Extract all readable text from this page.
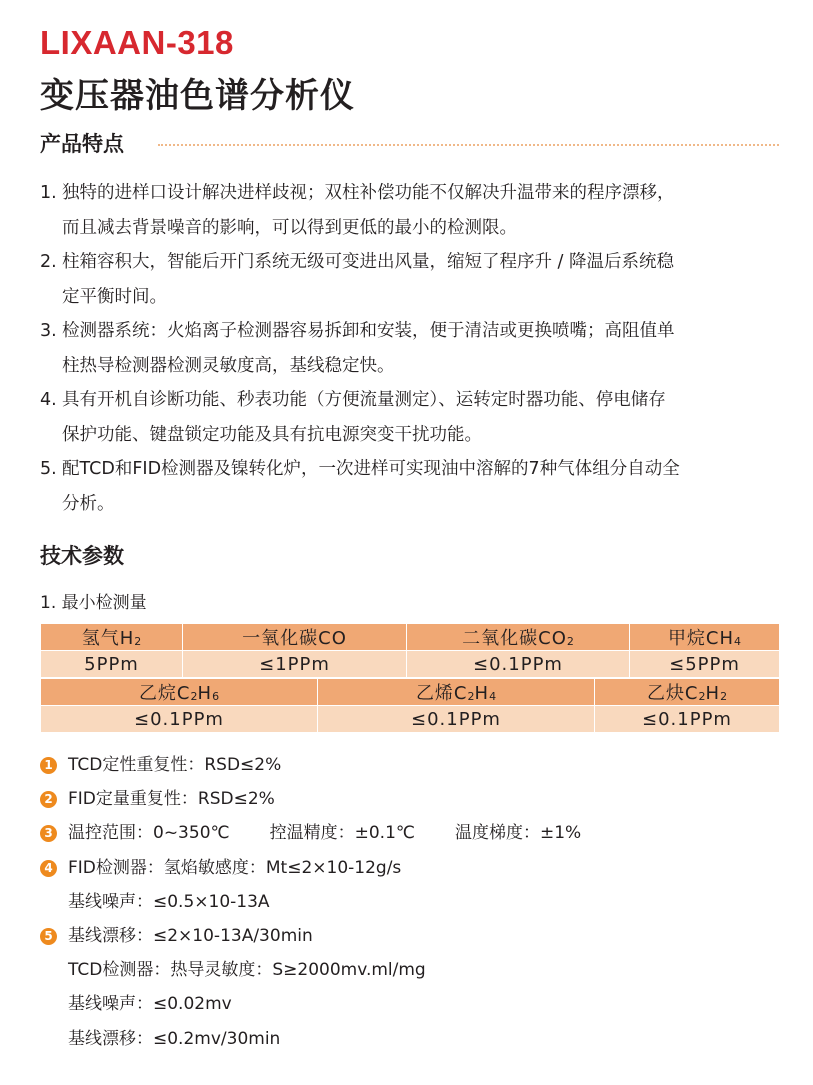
LIXAAN-318
变压器油色谱分析仪
产品特点
1. 独特的进样口设计解决进样歧视；双柱补偿功能不仅解决升温带来的程序漂移，
而且减去背景噪音的影响，可以得到更低的最小的检测限。
2. 柱箱容积大，智能后开门系统无级可变进出风量，缩短了程序升 / 降温后系统稳
定平衡时间。
3. 检测器系统：火焰离子检测器容易拆卸和安装，便于清洁或更换喷嘴；高阻值单
柱热导检测器检测灵敏度高，基线稳定快。
4. 具有开机自诊断功能、秒表功能（方便流量测定）、运转定时器功能、停电储存
保护功能、键盘锁定功能及具有抗电源突变干扰功能。
5. 配TCD和FID检测器及镍转化炉，一次进样可实现油中溶解的7种气体组分自动全
分析。
技术参数
1. 最小检测量

氢气$H_2$	一氧化碳CO	二氧化碳$CO_2$	甲烷$CH_4$
5PPm	≤1PPm	≤0.1PPm	≤5PPm
乙烷$C_2H_6$	乙烯$C_2H_4$	乙炔$C_2H_2$
≤0.1PPm	≤0.1PPm	≤0.1PPm
1 TCD定性重复性：RSD≤2%
2 FID定量重复性：RSD≤2%
3 温控范围：0~350℃ 控温精度：±0.1℃ 温度梯度：±1%
4 FID检测器：氢焰敏感度：Mt≤2×10-12g/s
基线噪声：≤0.5×10-13A
5 基线漂移：≤2×10-13A/30min
TCD检测器：热导灵敏度：S≥2000mv.ml/mg
基线噪声：≤0.02mv
基线漂移：≤0.2mv/30min
